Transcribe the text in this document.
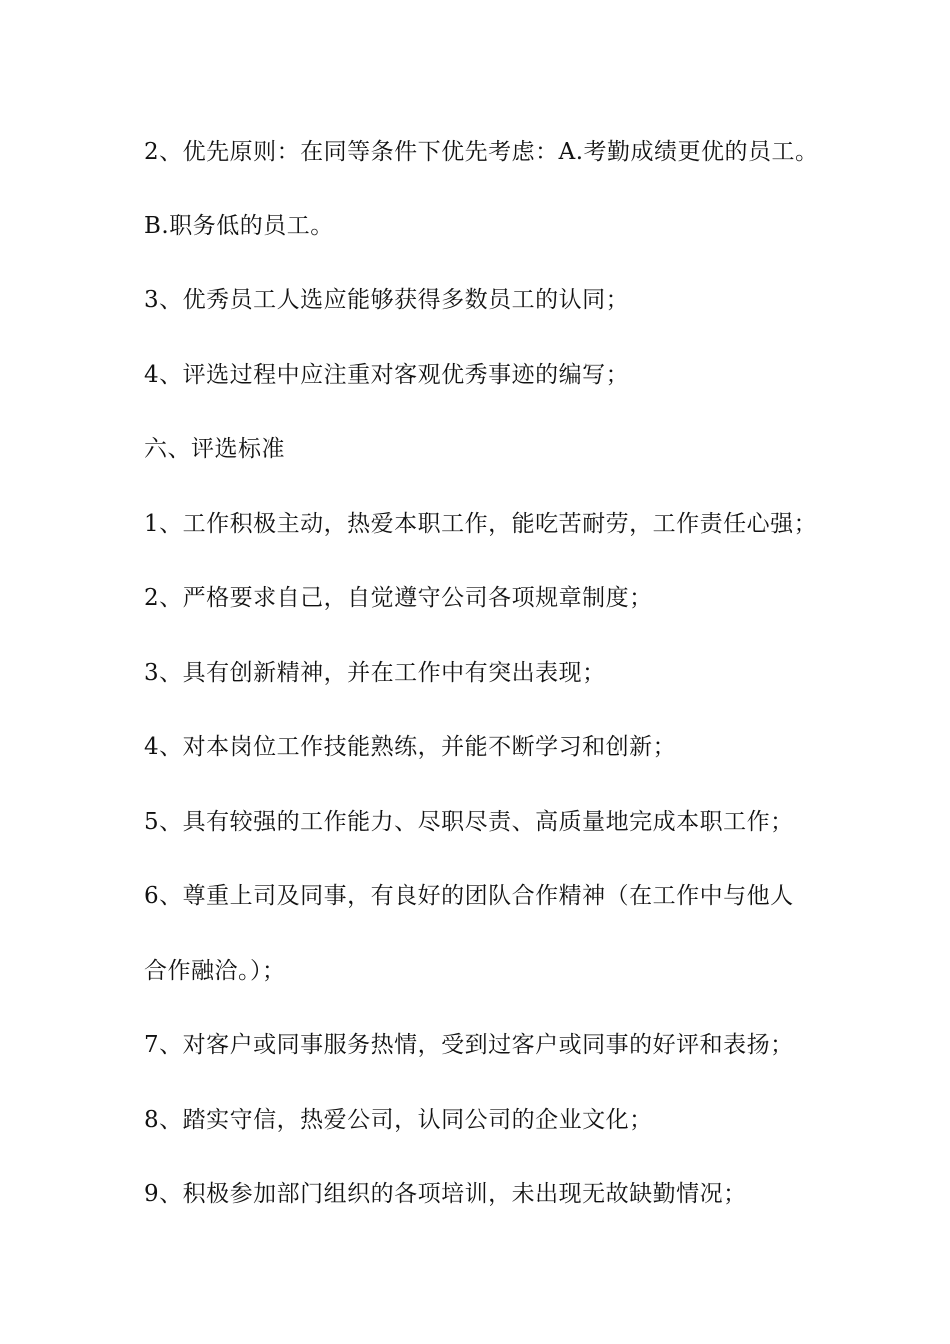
2、优先原则：在同等条件下优先考虑：A.考勤成绩更优的员工。
B.职务低的员工。
3、优秀员工人选应能够获得多数员工的认同；
4、评选过程中应注重对客观优秀事迹的编写；
六、评选标准
1、工作积极主动，热爱本职工作，能吃苦耐劳，工作责任心强；
2、严格要求自己，自觉遵守公司各项规章制度；
3、具有创新精神，并在工作中有突出表现；
4、对本岗位工作技能熟练，并能不断学习和创新；
5、具有较强的工作能力、尽职尽责、高质量地完成本职工作；
6、尊重上司及同事，有良好的团队合作精神（在工作中与他人
合作融洽。）；
7、对客户或同事服务热情，受到过客户或同事的好评和表扬；
8、踏实守信，热爱公司，认同公司的企业文化；
9、积极参加部门组织的各项培训，未出现无故缺勤情况；
